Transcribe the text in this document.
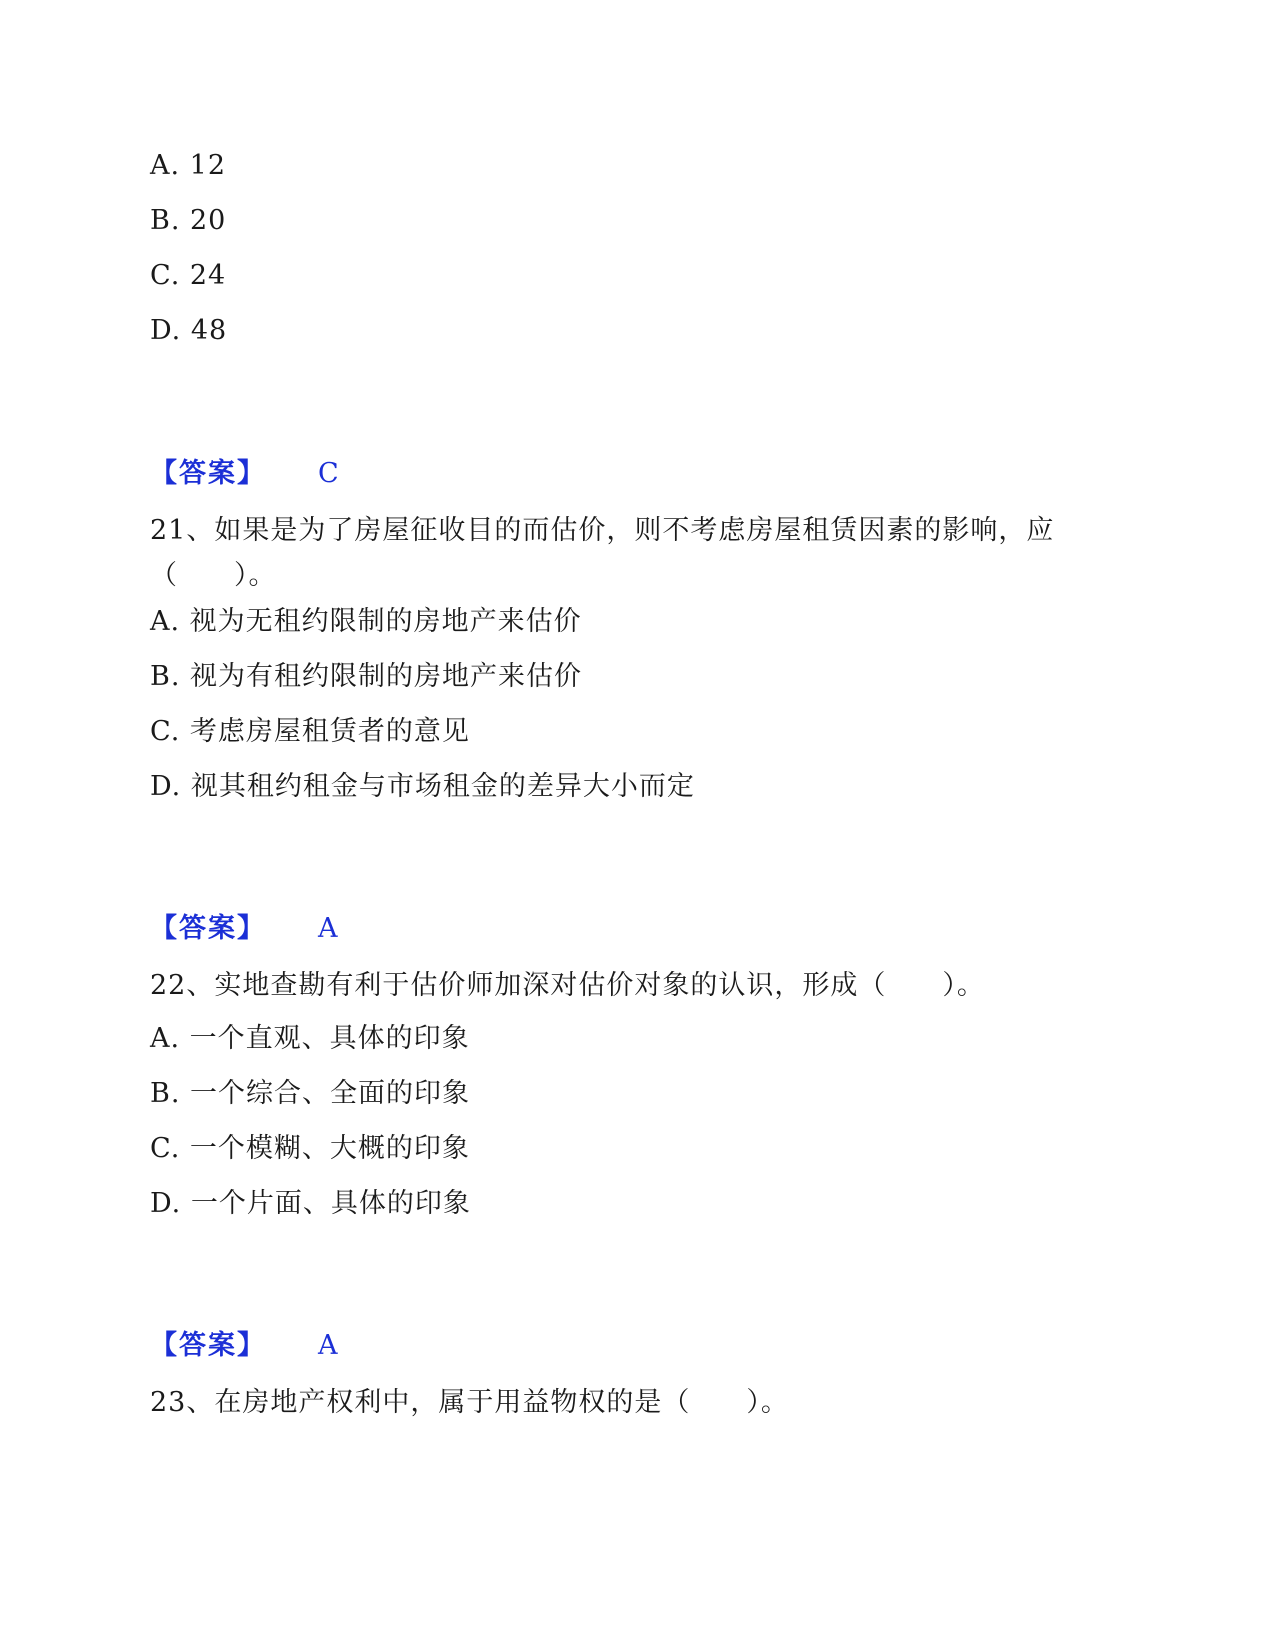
A. 12
B. 20
C. 24
D. 48
【答案】 C
21、如果是为了房屋征收目的而估价，则不考虑房屋租赁因素的影响，应（　　）。
A. 视为无租约限制的房地产来估价
B. 视为有租约限制的房地产来估价
C. 考虑房屋租赁者的意见
D. 视其租约租金与市场租金的差异大小而定
【答案】 A
22、实地查勘有利于估价师加深对估价对象的认识，形成（　　）。
A. 一个直观、具体的印象
B. 一个综合、全面的印象
C. 一个模糊、大概的印象
D. 一个片面、具体的印象
【答案】 A
23、在房地产权利中，属于用益物权的是（　　）。
